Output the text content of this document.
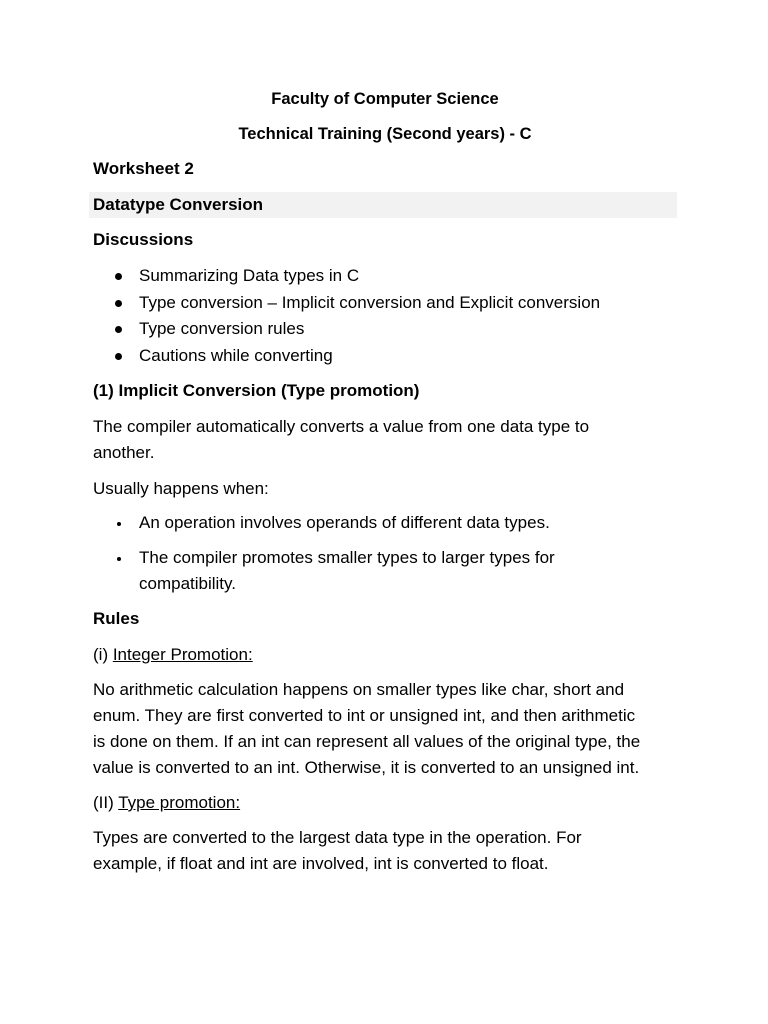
Faculty of Computer Science
Technical Training (Second years) - C
Worksheet 2
Datatype Conversion
Discussions
Summarizing Data types in C
Type conversion – Implicit conversion and Explicit conversion
Type conversion rules
Cautions while converting
(1) Implicit Conversion (Type promotion)
The compiler automatically converts a value from one data type to
another.
Usually happens when:
An operation involves operands of different data types.
The compiler promotes smaller types to larger types for
compatibility.
Rules
(i) Integer Promotion:
No arithmetic calculation happens on smaller types like char, short and
enum. They are first converted to int or unsigned int, and then arithmetic
is done on them. If an int can represent all values of the original type, the
value is converted to an int. Otherwise, it is converted to an unsigned int.
(II) Type promotion:
Types are converted to the largest data type in the operation. For
example, if float and int are involved, int is converted to float.
